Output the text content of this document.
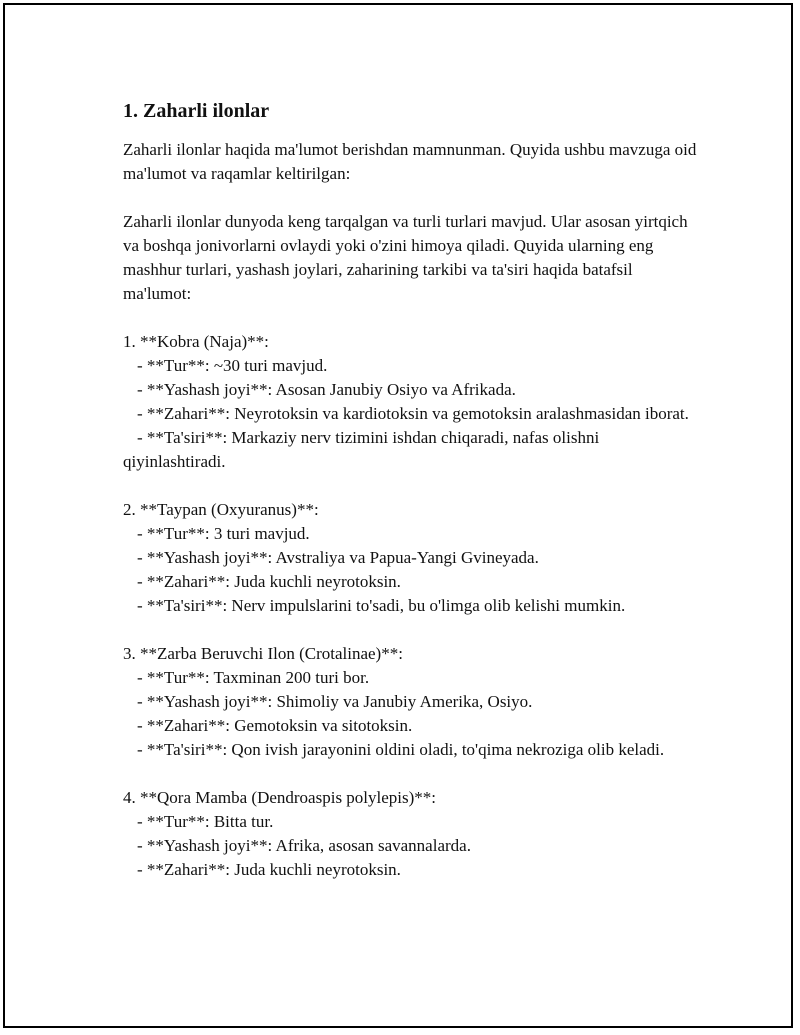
1. Zaharli ilonlar

Zaharli ilonlar haqida ma'lumot berishdan mamnunman. Quyida ushbu mavzuga oid ma'lumot va raqamlar keltirilgan:

Zaharli ilonlar dunyoda keng tarqalgan va turli turlari mavjud. Ular asosan yirtqich va boshqa jonivorlarni ovlaydi yoki o'zini himoya qiladi. Quyida ularning eng mashhur turlari, yashash joylari, zaharining tarkibi va ta'siri haqida batafsil ma'lumot:

1. **Kobra (Naja)**:
- **Tur**: ~30 turi mavjud.
- **Yashash joyi**: Asosan Janubiy Osiyo va Afrikada.
- **Zahari**: Neyrotoksin va kardiotoksin va gemotoksin aralashmasidan iborat.
- **Ta'siri**: Markaziy nerv tizimini ishdan chiqaradi, nafas olishni qiyinlashtiradi.
2. **Taypan (Oxyuranus)**:
- **Tur**: 3 turi mavjud.
- **Yashash joyi**: Avstraliya va Papua-Yangi Gvineyada.
- **Zahari**: Juda kuchli neyrotoksin.
- **Ta'siri**: Nerv impulslarini to'sadi, bu o'limga olib kelishi mumkin.
3. **Zarba Beruvchi Ilon (Crotalinae)**:
- **Tur**: Taxminan 200 turi bor.
- **Yashash joyi**: Shimoliy va Janubiy Amerika, Osiyo.
- **Zahari**: Gemotoksin va sitotoksin.
- **Ta'siri**: Qon ivish jarayonini oldini oladi, to'qima nekroziga olib keladi.
4. **Qora Mamba (Dendroaspis polylepis)**:
- **Tur**: Bitta tur.
- **Yashash joyi**: Afrika, asosan savannalarda.
- **Zahari**: Juda kuchli neyrotoksin.
